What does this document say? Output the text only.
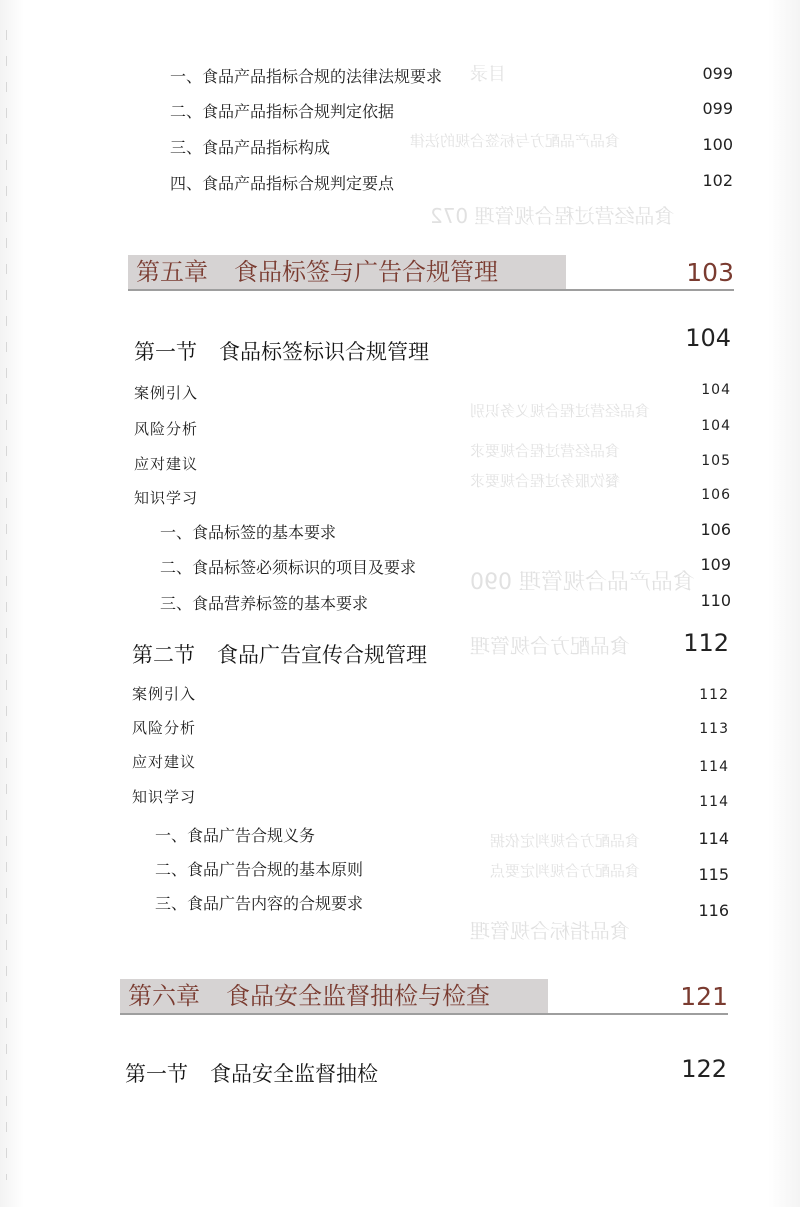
目录
食品产品配方与标签合规的法律
食品经营过程合规管理 072
食品经营过程合规义务识别
食品经营过程合规要求
餐饮服务过程合规要求
食品产品合规管理 090
食品配方合规管理
食品配方合规判定依据
食品配方合规判定要点
食品指标合规管理
一、食品产品指标合规的法律法规要求	099
二、食品产品指标合规判定依据	099
三、食品产品指标构成	100
四、食品产品指标合规判定要点	102
第五章 食品标签与广告合规管理	103
第一节 食品标签标识合规管理	104
案例引入	104
风险分析	104
应对建议	105
知识学习	106
一、食品标签的基本要求	106
二、食品标签必须标识的项目及要求	109
三、食品营养标签的基本要求	110
第二节 食品广告宣传合规管理	112
案例引入	112
风险分析	113
应对建议	114
知识学习	114
一、食品广告合规义务	114
二、食品广告合规的基本原则	115
三、食品广告内容的合规要求	116
第六章 食品安全监督抽检与检查	121
第一节 食品安全监督抽检	122
